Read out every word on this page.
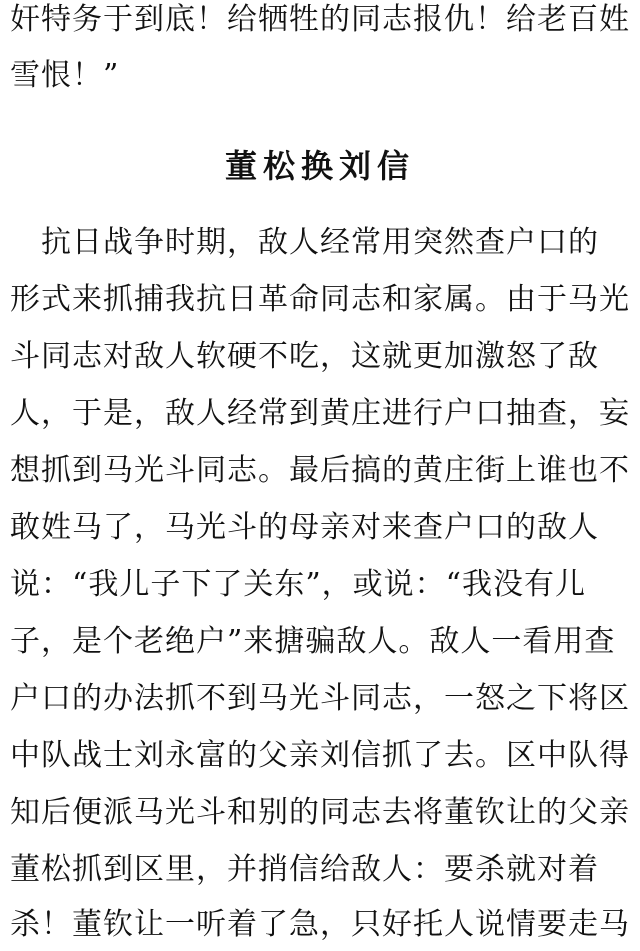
奸特务于到底！给牺牲的同志报仇！给老百姓
雪恨！”
董松换刘信
　抗日战争时期，敌人经常用突然查户口的
形式来抓捕我抗日革命同志和家属。由于马光
斗同志对敌人软硬不吃，这就更加激怒了敌
人，于是，敌人经常到黄庄进行户口抽查，妄
想抓到马光斗同志。最后搞的黄庄街上谁也不
敢姓马了，马光斗的母亲对来查户口的敌人
说：“我儿子下了关东”，或说：“我没有儿
子，是个老绝户”来搪骗敌人。敌人一看用查
户口的办法抓不到马光斗同志，一怒之下将区
中队战士刘永富的父亲刘信抓了去。区中队得
知后便派马光斗和别的同志去将董钦让的父亲
董松抓到区里，并捎信给敌人：要杀就对着
杀！董钦让一听着了急，只好托人说情要走马
